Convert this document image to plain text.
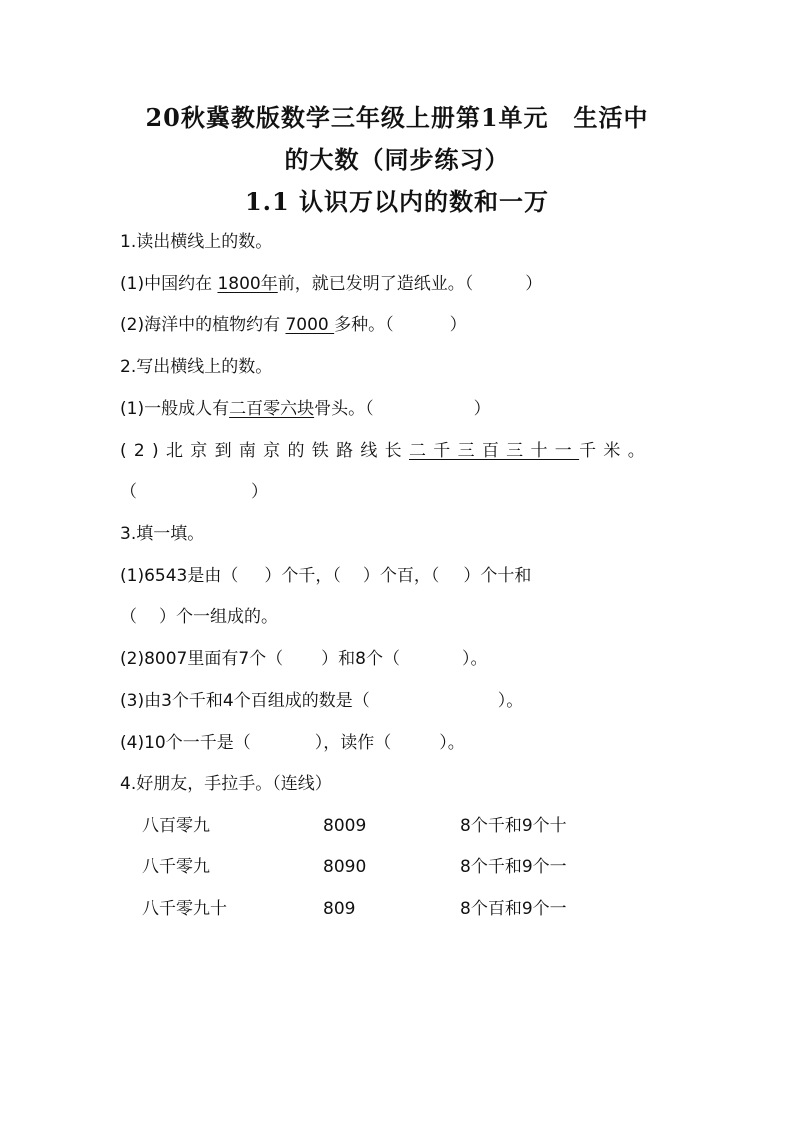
20秋冀教版数学三年级上册第1单元　生活中
的大数（同步练习）
1.1 认识万以内的数和一万
1.读出横线上的数。
(1)中国约在 1800年前，就已发明了造纸业。（	）
(2)海洋中的植物约有 7000 多种。（	）
2.写出横线上的数。
(1)一般成人有二百零六块骨头。（	）
(2)北京到南京的铁路线长二千三百三十一千米。
（	）
3.填一填。
(1)6543是由（ ）个千，（ ）个百，（ ）个十和
（ ）个一组成的。
(2)8007里面有7个（ ）和8个（	）。
(3)由3个千和4个百组成的数是（	）。
(4)10个一千是（	），读作（	）。
4.好朋友，手拉手。（连线）
八百零九	8009	8个千和9个十
八千零九	8090	8个千和9个一
八千零九十	809	8个百和9个一
